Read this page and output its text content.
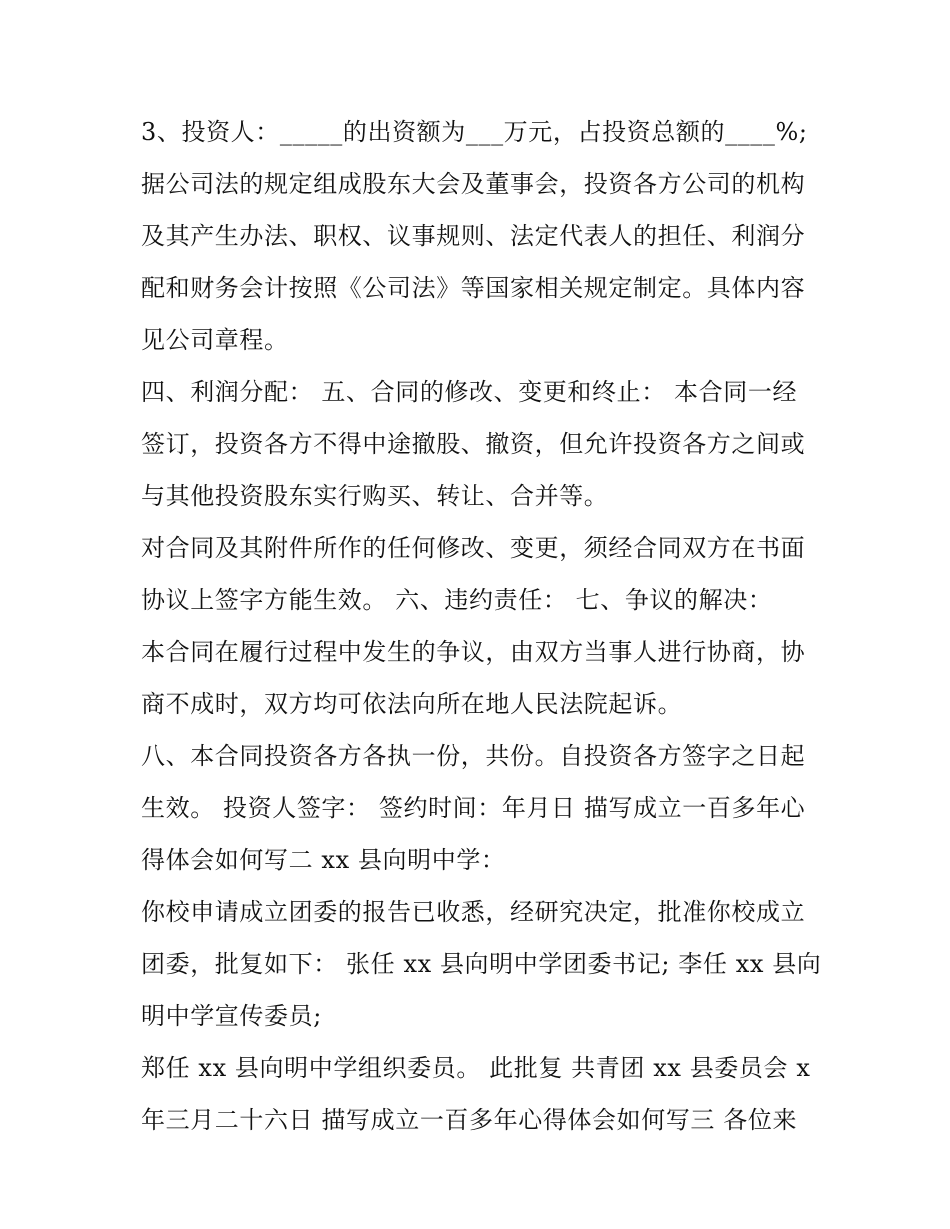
3、投资人：_____的出资额为___万元，占投资总额的____%;
据公司法的规定组成股东大会及董事会，投资各方公司的机构
及其产生办法、职权、议事规则、法定代表人的担任、利润分
配和财务会计按照《公司法》等国家相关规定制定。具体内容
见公司章程。
四、利润分配： 五、合同的修改、变更和终止： 本合同一经
签订，投资各方不得中途撤股、撤资，但允许投资各方之间或
与其他投资股东实行购买、转让、合并等。
对合同及其附件所作的任何修改、变更，须经合同双方在书面
协议上签字方能生效。 六、违约责任： 七、争议的解决：
本合同在履行过程中发生的争议，由双方当事人进行协商，协
商不成时，双方均可依法向所在地人民法院起诉。
八、本合同投资各方各执一份，共份。自投资各方签字之日起
生效。 投资人签字： 签约时间：年月日 描写成立一百多年心
得体会如何写二 xx 县向明中学：
你校申请成立团委的报告已收悉，经研究决定，批准你校成立
团委，批复如下： 张任 xx 县向明中学团委书记; 李任 xx 县向
明中学宣传委员;
郑任 xx 县向明中学组织委员。 此批复 共青团 xx 县委员会 x
年三月二十六日 描写成立一百多年心得体会如何写三 各位来
